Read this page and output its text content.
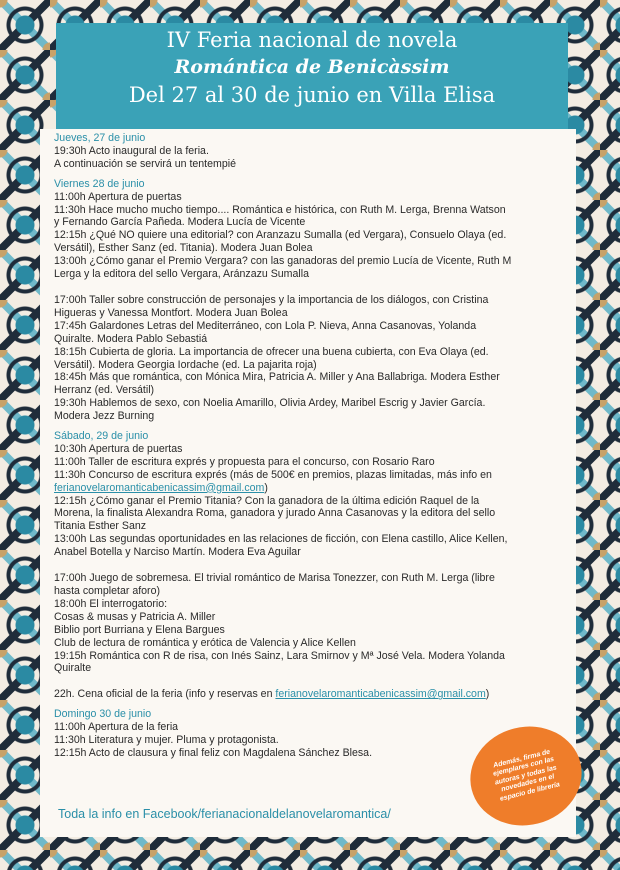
IV Feria nacional de novela
Romántica de Benicàssim
Del 27 al 30 de junio en Villa Elisa
Jueves, 27 de junio
19:30h Acto inaugural de la feria.
A continuación se servirá un tentempié
Viernes 28 de junio
11:00h Apertura de puertas
11:30h Hace mucho mucho tiempo.... Romántica e histórica, con Ruth M. Lerga, Brenna Watson
y Fernando García Pañeda. Modera Lucía de Vicente
12:15h ¿Qué NO quiere una editorial? con Aranzazu Sumalla (ed Vergara), Consuelo Olaya (ed.
Versátil), Esther Sanz (ed. Titania). Modera Juan Bolea
13:00h ¿Cómo ganar el Premio Vergara? con las ganadoras del premio Lucía de Vicente, Ruth M
Lerga y la editora del sello Vergara, Aránzazu Sumalla
17:00h Taller sobre construcción de personajes y la importancia de los diálogos, con Cristina
Higueras y Vanessa Montfort. Modera Juan Bolea
17:45h Galardones Letras del Mediterráneo, con Lola P. Nieva, Anna Casanovas, Yolanda
Quiralte. Modera Pablo Sebastiá
18:15h Cubierta de gloria. La importancia de ofrecer una buena cubierta, con Eva Olaya (ed.
Versátil). Modera Georgia Iordache (ed. La pajarita roja)
18:45h Más que romántica, con Mónica Mira, Patricia A. Miller y Ana Ballabriga. Modera Esther
Herranz (ed. Versátil)
19:30h Hablemos de sexo, con Noelia Amarillo, Olivia Ardey, Maribel Escrig y Javier García.
Modera Jezz Burning
Sábado, 29 de junio
10:30h Apertura de puertas
11:00h Taller de escritura exprés y propuesta para el concurso, con Rosario Raro
11:30h Concurso de escritura exprés (más de 500€ en premios, plazas limitadas, más info en
ferianovelaromanticabenicassim@gmail.com)
12:15h ¿Cómo ganar el Premio Titania? Con la ganadora de la última edición Raquel de la
Morena, la finalista Alexandra Roma, ganadora y jurado Anna Casanovas y la editora del sello
Titania Esther Sanz
13:00h Las segundas oportunidades en las relaciones de ficción, con Elena castillo, Alice Kellen,
Anabel Botella y Narciso Martín. Modera Eva Aguilar
17:00h Juego de sobremesa. El trivial romántico de Marisa Tonezzer, con Ruth M. Lerga (libre
hasta completar aforo)
18:00h El interrogatorio:
Cosas & musas y Patricia A. Miller
Biblio port Burriana y Elena Bargues
Club de lectura de romántica y erótica de Valencia y Alice Kellen
19:15h Romántica con R de risa, con Inés Sainz, Lara Smirnov y Mª José Vela. Modera Yolanda
Quiralte
22h. Cena oficial de la feria (info y reservas en ferianovelaromanticabenicassim@gmail.com)
Domingo 30 de junio
11:00h Apertura de la feria
11:30h Literatura y mujer. Pluma y protagonista.
12:15h Acto de clausura y final feliz con Magdalena Sánchez Blesa.
Toda la info en Facebook/ferianacionaldelanovelaromantica/
Además, firma de ejemplares con las autoras y todas las novedades en el espacio de librería
